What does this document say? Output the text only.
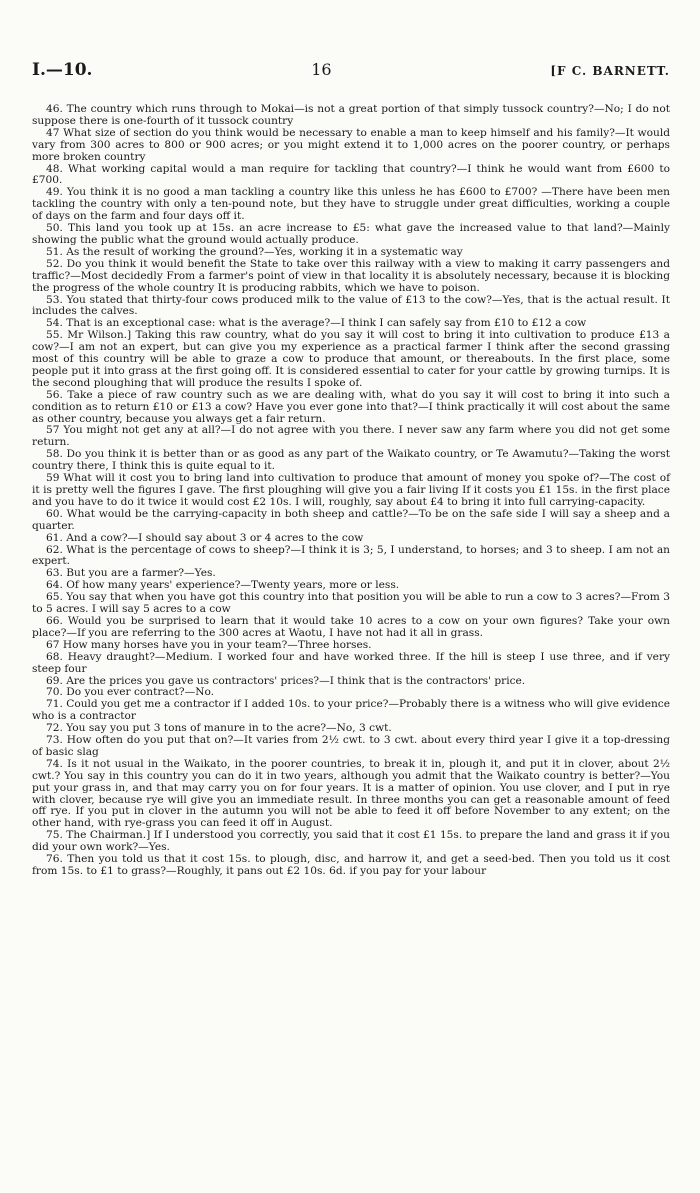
I.—10.	16	[F C. BARNETT.

46. The country which runs through to Mokai—is not a great portion of that simply tussock country?—No; I do not suppose there is one-fourth of it tussock country

47 What size of section do you think would be necessary to enable a man to keep himself and his family?—It would vary from 300 acres to 800 or 900 acres; or you might extend it to 1,000 acres on the poorer country, or perhaps more broken country

48. What working capital would a man require for tackling that country?—I think he would want from £600 to £700.

49. You think it is no good a man tackling a country like this unless he has £600 to £700? —There have been men tackling the country with only a ten-pound note, but they have to struggle under great difficulties, working a couple of days on the farm and four days off it.

50. This land you took up at 15s. an acre increase to £5: what gave the increased value to that land?—Mainly showing the public what the ground would actually produce.

51. As the result of working the ground?—Yes, working it in a systematic way

52. Do you think it would benefit the State to take over this railway with a view to making it carry passengers and traffic?—Most decidedly From a farmer's point of view in that locality it is absolutely necessary, because it is blocking the progress of the whole country It is producing rabbits, which we have to poison.

53. You stated that thirty-four cows produced milk to the value of £13 to the cow?—Yes, that is the actual result. It includes the calves.

54. That is an exceptional case: what is the average?—I think I can safely say from £10 to £12 a cow

55. Mr Wilson.] Taking this raw country, what do you say it will cost to bring it into cultivation to produce £13 a cow?—I am not an expert, but can give you my experience as a practical farmer I think after the second grassing most of this country will be able to graze a cow to produce that amount, or thereabouts. In the first place, some people put it into grass at the first going off. It is considered essential to cater for your cattle by growing turnips. It is the second ploughing that will produce the results I spoke of.

56. Take a piece of raw country such as we are dealing with, what do you say it will cost to bring it into such a condition as to return £10 or £13 a cow? Have you ever gone into that?—I think practically it will cost about the same as other country, because you always get a fair return.

57 You might not get any at all?—I do not agree with you there. I never saw any farm where you did not get some return.

58. Do you think it is better than or as good as any part of the Waikato country, or Te Awamutu?—Taking the worst country there, I think this is quite equal to it.

59 What will it cost you to bring land into cultivation to produce that amount of money you spoke of?—The cost of it is pretty well the figures I gave. The first ploughing will give you a fair living If it costs you £1 15s. in the first place and you have to do it twice it would cost £2 10s. I will, roughly, say about £4 to bring it into full carrying-capacity.

60. What would be the carrying-capacity in both sheep and cattle?—To be on the safe side I will say a sheep and a quarter.

61. And a cow?—I should say about 3 or 4 acres to the cow

62. What is the percentage of cows to sheep?—I think it is 3; 5, I understand, to horses; and 3 to sheep. I am not an expert.

63. But you are a farmer?—Yes.

64. Of how many years' experience?—Twenty years, more or less.

65. You say that when you have got this country into that position you will be able to run a cow to 3 acres?—From 3 to 5 acres. I will say 5 acres to a cow

66. Would you be surprised to learn that it would take 10 acres to a cow on your own figures? Take your own place?—If you are referring to the 300 acres at Waotu, I have not had it all in grass.

67 How many horses have you in your team?—Three horses.

68. Heavy draught?—Medium. I worked four and have worked three. If the hill is steep I use three, and if very steep four

69. Are the prices you gave us contractors' prices?—I think that is the contractors' price.

70. Do you ever contract?—No.

71. Could you get me a contractor if I added 10s. to your price?—Probably there is a witness who will give evidence who is a contractor

72. You say you put 3 tons of manure in to the acre?—No, 3 cwt.

73. How often do you put that on?—It varies from 2½ cwt. to 3 cwt. about every third year I give it a top-dressing of basic slag

74. Is it not usual in the Waikato, in the poorer countries, to break it in, plough it, and put it in clover, about 2½ cwt.? You say in this country you can do it in two years, although you admit that the Waikato country is better?—You put your grass in, and that may carry you on for four years. It is a matter of opinion. You use clover, and I put in rye with clover, because rye will give you an immediate result. In three months you can get a reasonable amount of feed off rye. If you put in clover in the autumn you will not be able to feed it off before November to any extent; on the other hand, with rye-grass you can feed it off in August.

75. The Chairman.] If I understood you correctly, you said that it cost £1 15s. to prepare the land and grass it if you did your own work?—Yes.

76. Then you told us that it cost 15s. to plough, disc, and harrow it, and get a seed-bed. Then you told us it cost from 15s. to £1 to grass?—Roughly, it pans out £2 10s. 6d. if you pay for your labour
